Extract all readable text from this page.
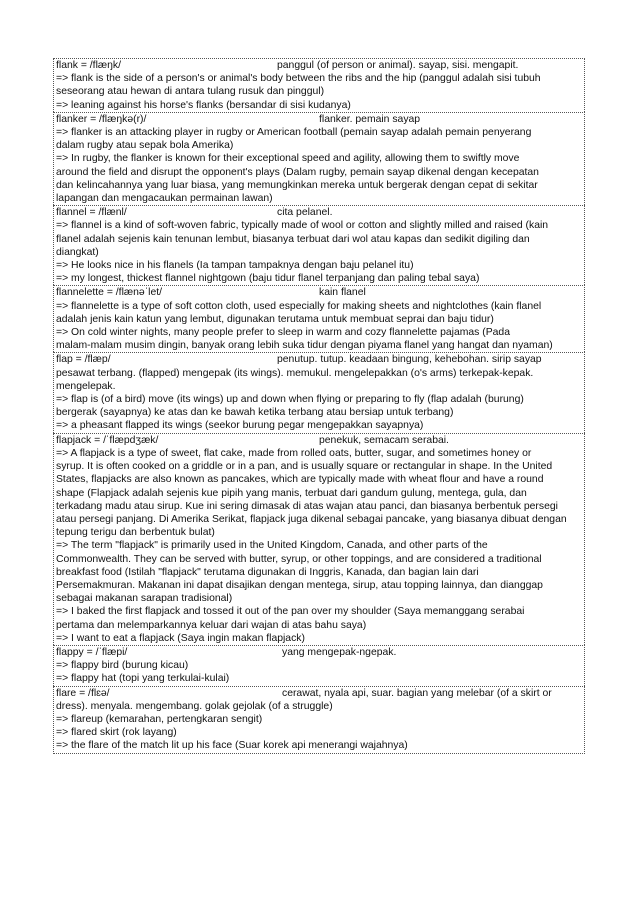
flank = /flæŋk/	panggul (of person or animal). sayap, sisi. mengapit.
=> flank is the side of a person's or animal's body between the ribs and the hip (panggul adalah sisi tubuh
seseorang atau hewan di antara tulang rusuk dan pinggul)
=> leaning against his horse's flanks (bersandar di sisi kudanya)
flanker = /flæŋkə(r)/	flanker. pemain sayap
=> flanker is an attacking player in rugby or American football (pemain sayap adalah pemain penyerang
dalam rugby atau sepak bola Amerika)
=> In rugby, the flanker is known for their exceptional speed and agility, allowing them to swiftly move
around the field and disrupt the opponent's plays (Dalam rugby, pemain sayap dikenal dengan kecepatan
dan kelincahannya yang luar biasa, yang memungkinkan mereka untuk bergerak dengan cepat di sekitar
lapangan dan mengacaukan permainan lawan)
flannel = /flænl/	cita pelanel.
=> flannel is a kind of soft-woven fabric, typically made of wool or cotton and slightly milled and raised (kain
flanel adalah sejenis kain tenunan lembut, biasanya terbuat dari wol atau kapas dan sedikit digiling dan
diangkat)
=> He looks nice in his flanels (Ia tampan tampaknya dengan baju pelanel itu)
=> my longest, thickest flannel nightgown (baju tidur flanel terpanjang dan paling tebal saya)
flannelette = /flænəˈlet/	kain flanel
=> flannelette is a type of soft cotton cloth, used especially for making sheets and nightclothes (kain flanel
adalah jenis kain katun yang lembut, digunakan terutama untuk membuat seprai dan baju tidur)
=> On cold winter nights, many people prefer to sleep in warm and cozy flannelette pajamas (Pada
malam-malam musim dingin, banyak orang lebih suka tidur dengan piyama flanel yang hangat dan nyaman)
flap = /flæp/	penutup. tutup. keadaan bingung, kehebohan. sirip sayap
pesawat terbang. (flapped) mengepak (its wings). memukul. mengelepakkan (o's arms) terkepak-kepak.
mengelepak.
=> flap is (of a bird) move (its wings) up and down when flying or preparing to fly (flap adalah (burung)
bergerak (sayapnya) ke atas dan ke bawah ketika terbang atau bersiap untuk terbang)
=> a pheasant flapped its wings (seekor burung pegar mengepakkan sayapnya)
flapjack = /ˈflæpdʒæk/	penekuk, semacam serabai.
=> A flapjack is a type of sweet, flat cake, made from rolled oats, butter, sugar, and sometimes honey or
syrup. It is often cooked on a griddle or in a pan, and is usually square or rectangular in shape. In the United
States, flapjacks are also known as pancakes, which are typically made with wheat flour and have a round
shape (Flapjack adalah sejenis kue pipih yang manis, terbuat dari gandum gulung, mentega, gula, dan
terkadang madu atau sirup. Kue ini sering dimasak di atas wajan atau panci, dan biasanya berbentuk persegi
atau persegi panjang. Di Amerika Serikat, flapjack juga dikenal sebagai pancake, yang biasanya dibuat dengan
tepung terigu dan berbentuk bulat)
=> The term "flapjack" is primarily used in the United Kingdom, Canada, and other parts of the
Commonwealth. They can be served with butter, syrup, or other toppings, and are considered a traditional
breakfast food (Istilah "flapjack" terutama digunakan di Inggris, Kanada, dan bagian lain dari
Persemakmuran. Makanan ini dapat disajikan dengan mentega, sirup, atau topping lainnya, dan dianggap
sebagai makanan sarapan tradisional)
=> I baked the first flapjack and tossed it out of the pan over my shoulder (Saya memanggang serabai
pertama dan melemparkannya keluar dari wajan di atas bahu saya)
=> I want to eat a flapjack (Saya ingin makan flapjack)
flappy = /ˈflæpi/	yang mengepak-ngepak.
=> flappy bird (burung kicau)
=> flappy hat (topi yang terkulai-kulai)
flare = /flɛə/	cerawat, nyala api, suar. bagian yang melebar (of a skirt or
dress). menyala. mengembang. golak gejolak (of a struggle)
=> flareup (kemarahan, pertengkaran sengit)
=> flared skirt (rok layang)
=> the flare of the match lit up his face (Suar korek api menerangi wajahnya)
